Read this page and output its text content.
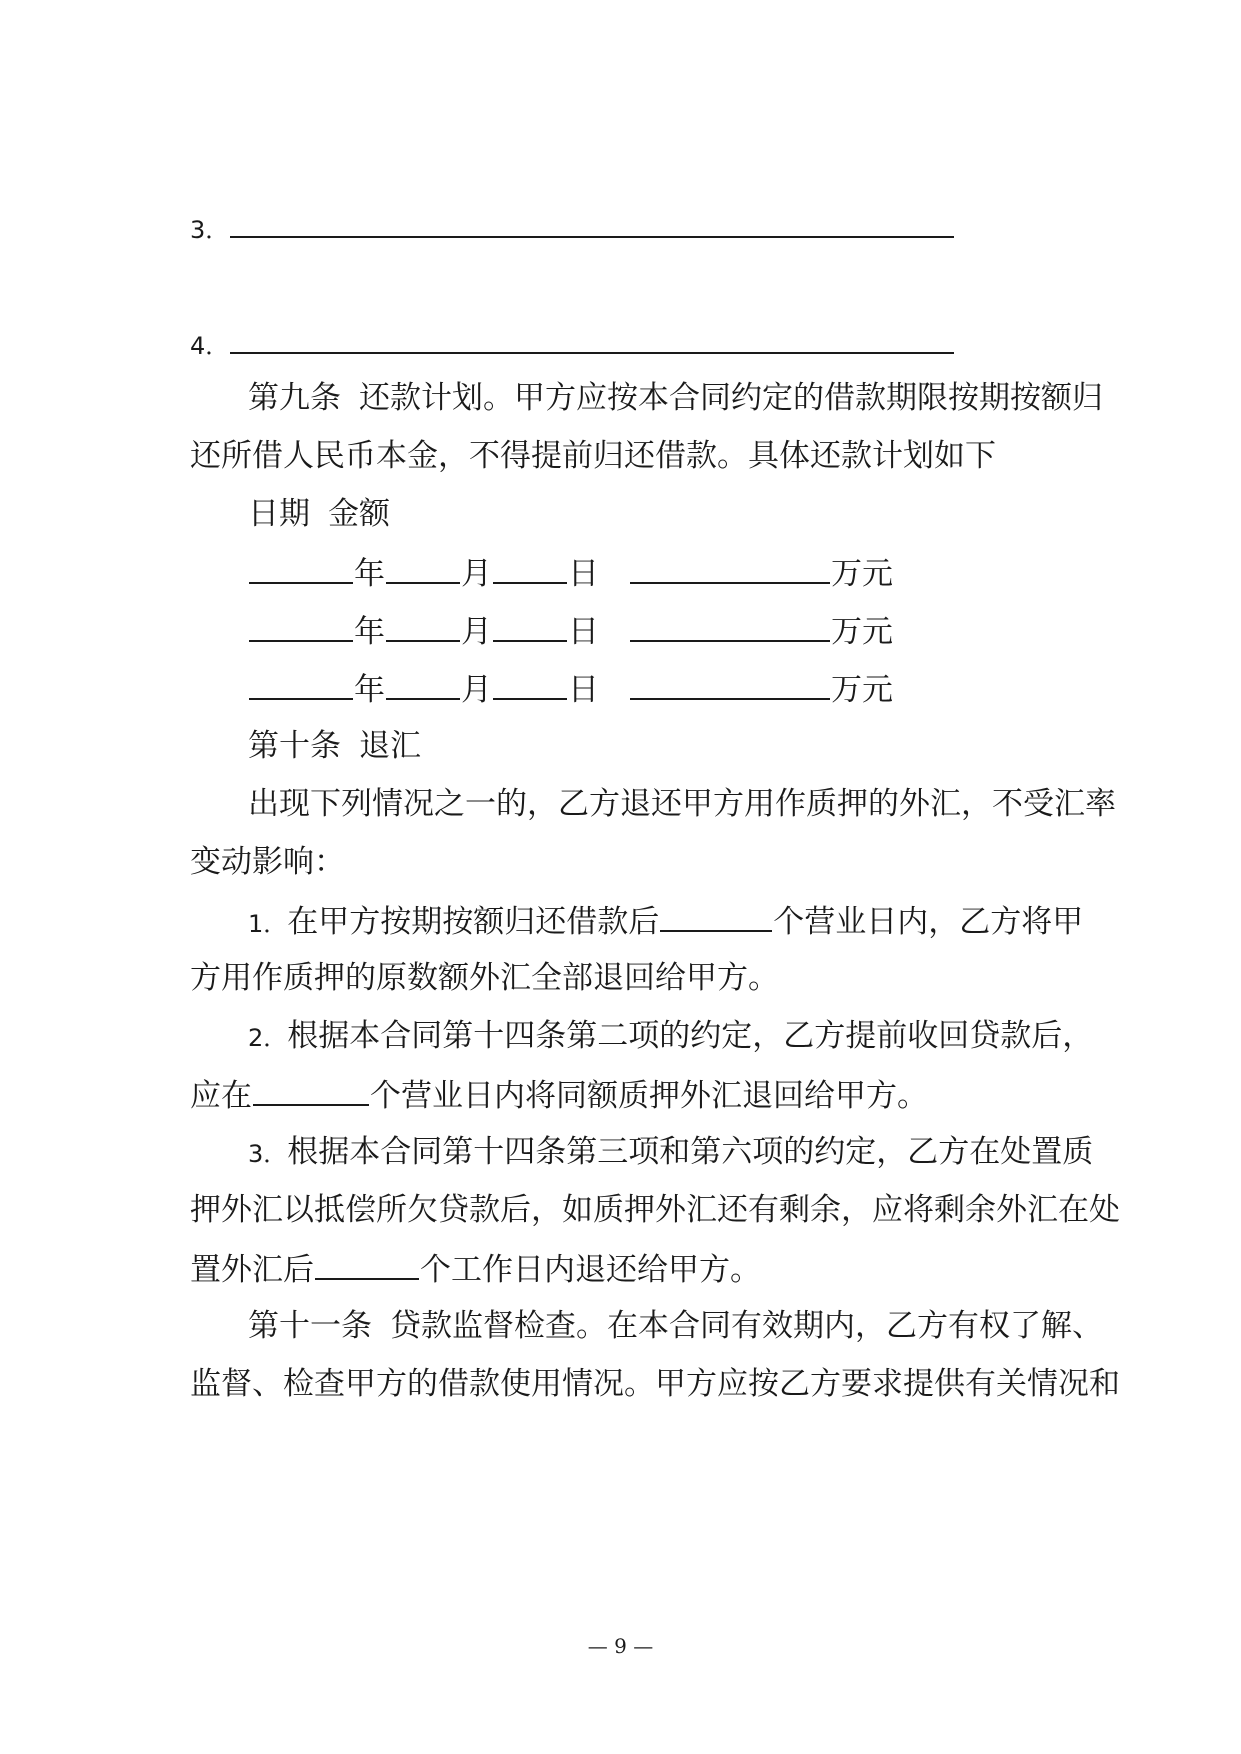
3．
4．
第九条 还款计划。甲方应按本合同约定的借款期限按期按额归
还所借人民币本金，不得提前归还借款。具体还款计划如下
日期 金额
年 月 日	万元
年 月 日	万元
年 月 日	万元
第十条 退汇
出现下列情况之一的，乙方退还甲方用作质押的外汇，不受汇率
变动影响：
1．在甲方按期按额归还借款后	个营业日内，乙方将甲
方用作质押的原数额外汇全部退回给甲方。
2．根据本合同第十四条第二项的约定，乙方提前收回贷款后，
应在	个营业日内将同额质押外汇退回给甲方。
3．根据本合同第十四条第三项和第六项的约定，乙方在处置质
押外汇以抵偿所欠贷款后，如质押外汇还有剩余，应将剩余外汇在处
置外汇后	个工作日内退还给甲方。
第十一条 贷款监督检查。在本合同有效期内，乙方有权了解、
监督、检查甲方的借款使用情况。甲方应按乙方要求提供有关情况和
— 9 —
